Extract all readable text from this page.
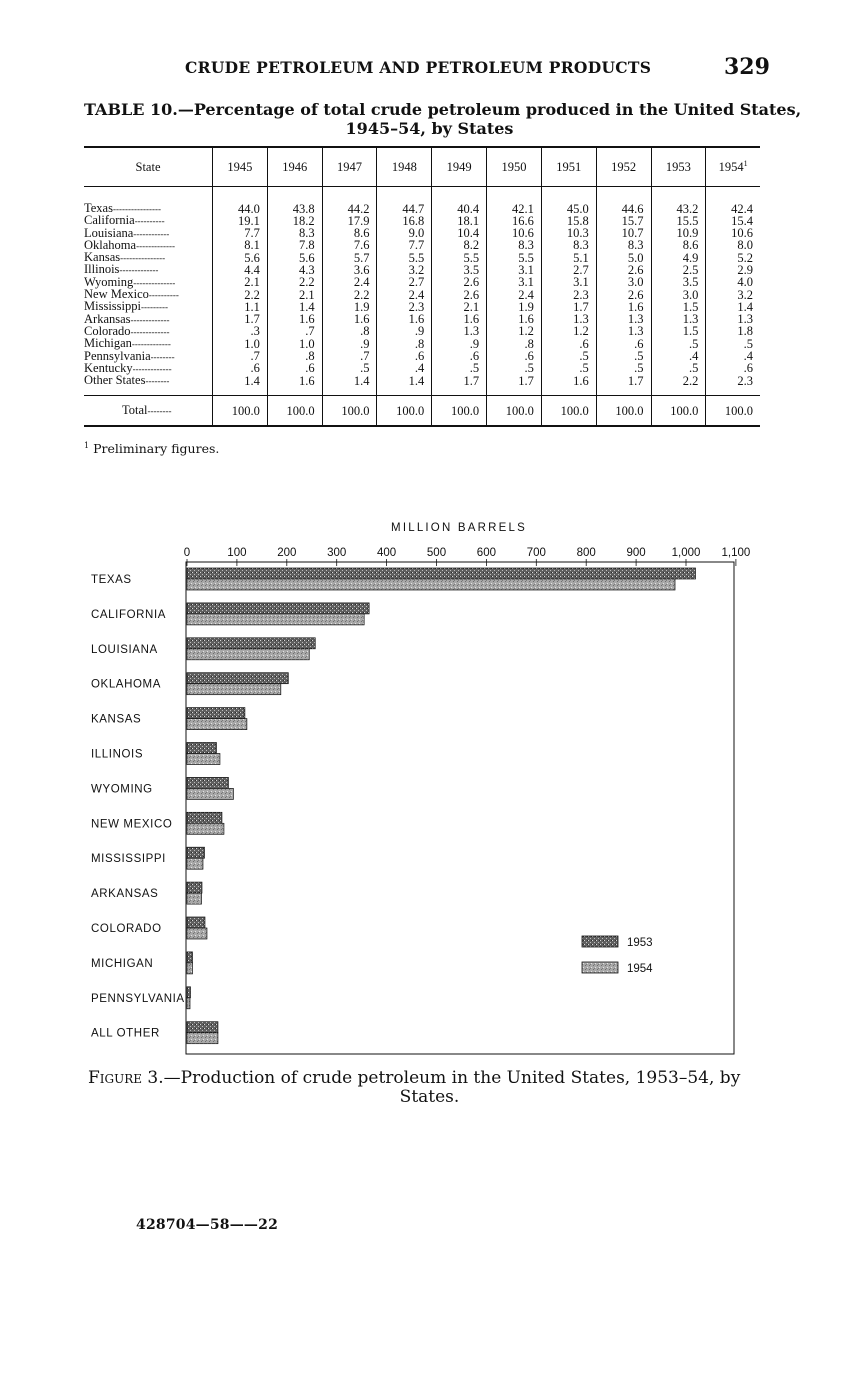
CRUDE PETROLEUM AND PETROLEUM PRODUCTS	329
TABLE 10.—Percentage of total crude petroleum produced in the United States,
1945–54, by States
State	1945	1946	1947	1948	1949	1950	1951	1952	1953	1954$^1$
Texas----------------	44.0	43.8	44.2	44.7	40.4	42.1	45.0	44.6	43.2	42.4
California----------	19.1	18.2	17.9	16.8	18.1	16.6	15.8	15.7	15.5	15.4
Louisiana------------	7.7	8.3	8.6	9.0	10.4	10.6	10.3	10.7	10.9	10.6
Oklahoma-------------	8.1	7.8	7.6	7.7	8.2	8.3	8.3	8.3	8.6	8.0
Kansas---------------	5.6	5.6	5.7	5.5	5.5	5.5	5.1	5.0	4.9	5.2
Illinois-------------	4.4	4.3	3.6	3.2	3.5	3.1	2.7	2.6	2.5	2.9
Wyoming--------------	2.1	2.2	2.4	2.7	2.6	3.1	3.1	3.0	3.5	4.0
New Mexico----------	2.2	2.1	2.2	2.4	2.6	2.4	2.3	2.6	3.0	3.2
Mississippi---------	1.1	1.4	1.9	2.3	2.1	1.9	1.7	1.6	1.5	1.4
Arkansas-------------	1.7	1.6	1.6	1.6	1.6	1.6	1.3	1.3	1.3	1.3
Colorado-------------	.3	.7	.8	.9	1.3	1.2	1.2	1.3	1.5	1.8
Michigan-------------	1.0	1.0	.9	.8	.9	.8	.6	.6	.5	.5
Pennsylvania--------	.7	.8	.7	.6	.6	.6	.5	.5	.4	.4
Kentucky-------------	.6	.6	.5	.4	.5	.5	.5	.5	.5	.6
Other States--------	1.4	1.6	1.4	1.4	1.7	1.7	1.6	1.7	2.2	2.3
Total--------	100.0	100.0	100.0	100.0	100.0	100.0	100.0	100.0	100.0	100.0
$^1$ Preliminary figures.
MILLION BARRELS
0	100	200	300	400	500	600	700	800	900 1,000 1,100
TEXAS
CALIFORNIA
LOUISIANA
OKLAHOMA
KANSAS
ILLINOIS
WYOMING
NEW MEXICO
MISSISSIPPI
ARKANSAS
COLORADO
MICHIGAN
PENNSYLVANIA
ALL OTHER
1953
1954
Figure 3.—Production of crude petroleum in the United States, 1953–54, by
States.
428704—58——22
